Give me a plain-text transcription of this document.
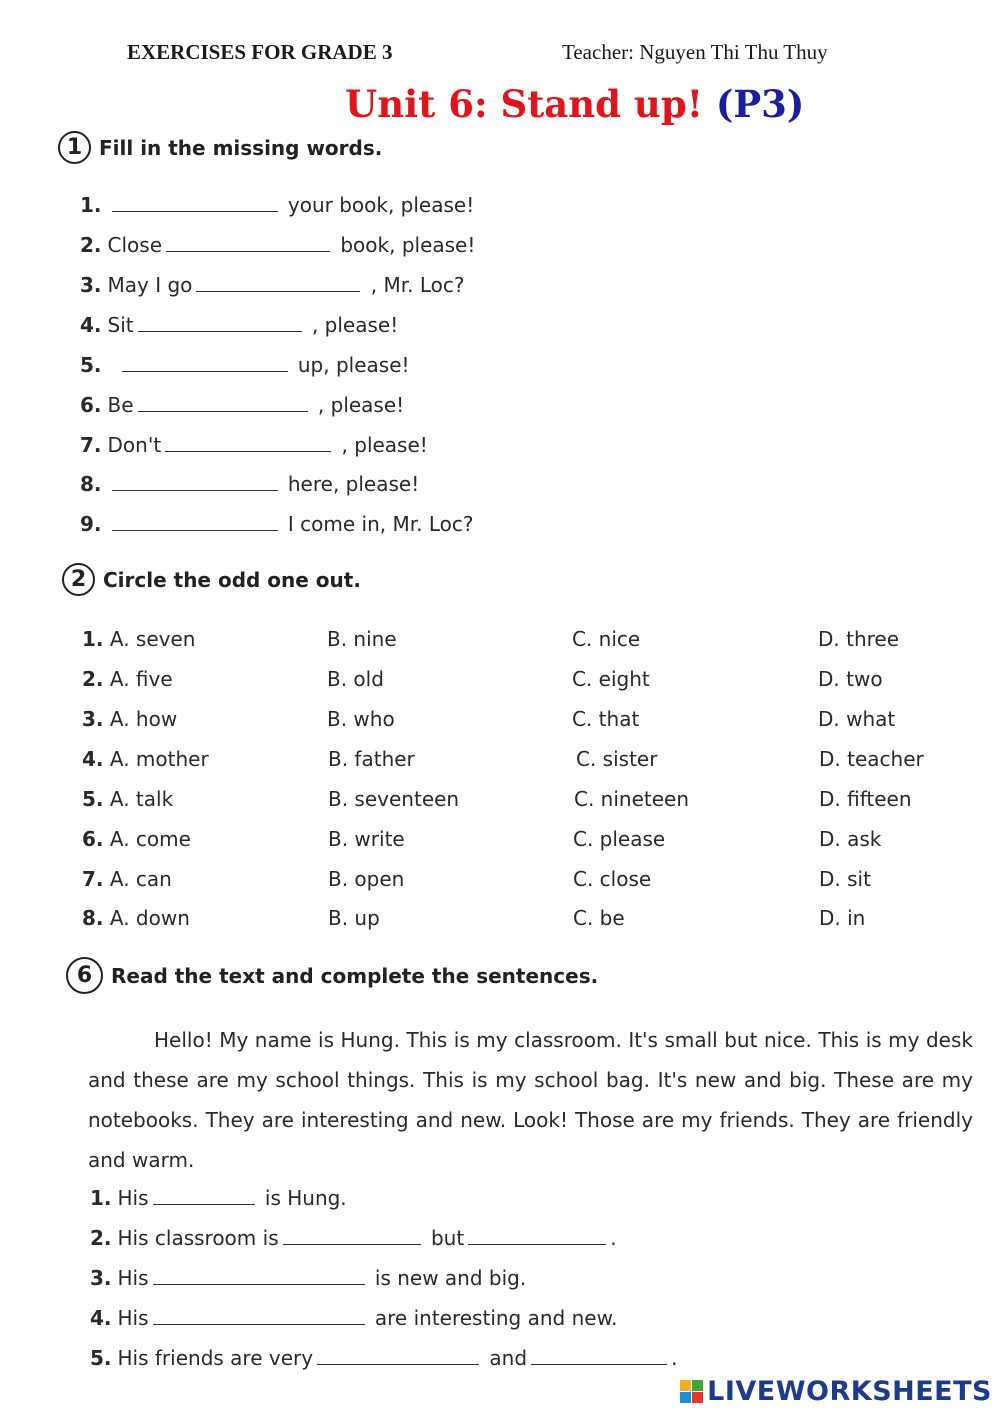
EXERCISES FOR GRADE 3	Teacher: Nguyen Thi Thu Thuy
Unit 6: Stand up! (P3)
1 Fill in the missing words.
1.	your book, please!
2. Close	book, please!
3. May I go	, Mr. Loc?
4. Sit	, please!
5.	up, please!
6. Be	, please!
7. Don't	, please!
8.	here, please!
9.	I come in, Mr. Loc?
2 Circle the odd one out.
1. A. seven	B. nine	C. nice	D. three
2. A. five	B. old	C. eight	D. two
3. A. how	B. who	C. that	D. what
4. A. mother	B. father	C. sister	D. teacher
5. A. talk	B. seventeen	C. nineteen	D. fifteen
6. A. come	B. write	C. please	D. ask
7. A. can	B. open	C. close	D. sit
8. A. down	B. up	C. be	D. in
6 Read the text and complete the sentences.
Hello! My name is Hung. This is my classroom. It's small but nice. This is my desk and these are my school things. This is my school bag. It's new and big. These are my notebooks. They are interesting and new. Look! Those are my friends. They are friendly and warm.
1. His	is Hung.
2. His classroom is	but	.
3. His	is new and big.
4. His	are interesting and new.
5. His friends are very	and	.
LIVEWORKSHEETS
